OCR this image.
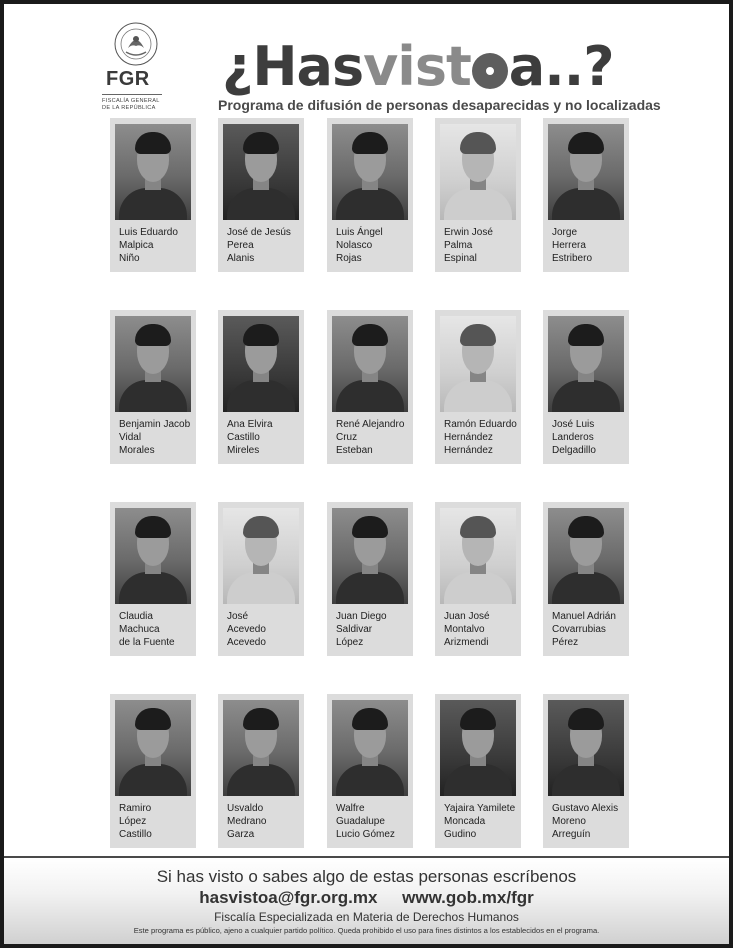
FGR
FISCALÍA GENERAL
DE LA REPÚBLICA
¿Hasvist a..?
Programa de difusión de personas desaparecidas y no localizadas
Luis Eduardo
Malpica
Niño
José de Jesús
Perea
Alanis
Luis Ángel
Nolasco
Rojas
Erwin José
Palma
Espinal
Jorge
Herrera
Estribero
Benjamin Jacob
Vidal
Morales
Ana Elvira
Castillo
Mireles
René Alejandro
Cruz
Esteban
Ramón Eduardo
Hernández
Hernández
José Luis
Landeros
Delgadillo
Claudia
Machuca
de la Fuente
José
Acevedo
Acevedo
Juan Diego
Saldivar
López
Juan José
Montalvo
Arizmendi
Manuel Adrián
Covarrubias
Pérez
Ramiro
López
Castillo
Usvaldo
Medrano
Garza
Walfre
Guadalupe
Lucio Gómez
Yajaira Yamilete
Moncada
Gudino
Gustavo Alexis
Moreno
Arreguín
Si has visto o sabes algo de estas personas escríbenos
hasvistoa@fgr.org.mx www.gob.mx/fgr
Fiscalía Especializada en Materia de Derechos Humanos
Este programa es público, ajeno a cualquier partido político. Queda prohibido el uso para fines distintos a los establecidos en el programa.
